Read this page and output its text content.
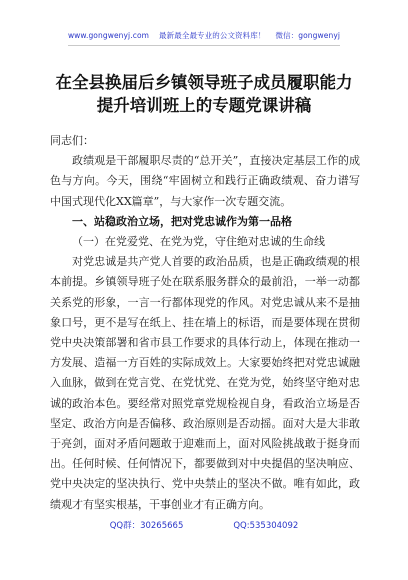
www.gongwenyj.com 最新最全最专业的公文资料库！ 微信：gongwenyj
在全县换届后乡镇领导班子成员履职能力
提升培训班上的专题党课讲稿

同志们：

政绩观是干部履职尽责的“总开关”，直接决定基层工作的成色与方向。今天，围绕“牢固树立和践行正确政绩观、奋力谱写中国式现代化XX篇章”，与大家作一次专题交流。

一、站稳政治立场，把对党忠诚作为第一品格

（一）在党爱党、在党为党，守住绝对忠诚的生命线

对党忠诚是共产党人首要的政治品质，也是正确政绩观的根本前提。乡镇领导班子处在联系服务群众的最前沿，一举一动都关系党的形象，一言一行都体现党的作风。对党忠诚从来不是抽象口号，更不是写在纸上、挂在墙上的标语，而是要体现在贯彻党中央决策部署和省市县工作要求的具体行动上，体现在推动一方发展、造福一方百姓的实际成效上。大家要始终把对党忠诚融入血脉，做到在党言党、在党忧党、在党为党，始终坚守绝对忠诚的政治本色。要经常对照党章党规检视自身，看政治立场是否坚定、政治方向是否偏移、政治原则是否动摇。面对大是大非敢于亮剑，面对矛盾问题敢于迎难而上，面对风险挑战敢于挺身而出。任何时候、任何情况下，都要做到对中央提倡的坚决响应、党中央决定的坚决执行、党中央禁止的坚决不做。唯有如此，政绩观才有坚实根基，干事创业才有正确方向。

QQ群：30265665	QQ:535304092
